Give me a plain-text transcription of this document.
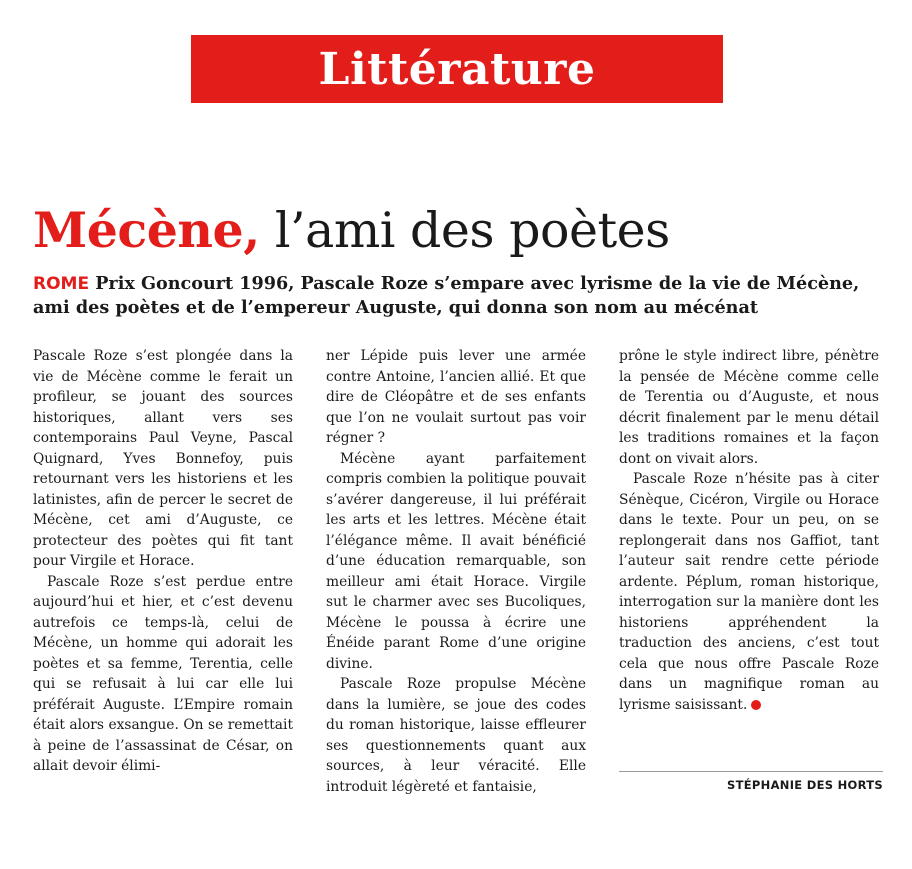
Littérature
Mécène, l’ami des poètes
ROME Prix Goncourt 1996, Pascale Roze s’empare avec lyrisme de la vie de Mécène, ami des poètes et de l’empereur Auguste, qui donna son nom au mécénat

Pascale Roze s’est plongée dans la vie de Mécène comme le ferait un profileur, se jouant des sources historiques, allant vers ses contemporains Paul Veyne, Pascal Quignard, Yves Bonnefoy, puis retournant vers les historiens et les latinistes, afin de percer le secret de Mécène, cet ami d’Auguste, ce protecteur des poètes qui fit tant pour Virgile et Horace.

Pascale Roze s’est perdue entre aujourd’hui et hier, et c’est devenu autrefois ce temps-là, celui de Mécène, un homme qui adorait les poètes et sa femme, Terentia, celle qui se refusait à lui car elle lui préférait Auguste. L’Empire romain était alors exsangue. On se remettait à peine de l’assassinat de César, on allait devoir élimi-

ner Lépide puis lever une armée contre Antoine, l’ancien allié. Et que dire de Cléopâtre et de ses enfants que l’on ne voulait surtout pas voir régner ?

Mécène ayant parfaitement compris combien la politique pouvait s’avérer dangereuse, il lui préférait les arts et les lettres. Mécène était l’élégance même. Il avait bénéficié d’une éducation remarquable, son meilleur ami était Horace. Virgile sut le charmer avec ses Bucoliques, Mécène le poussa à écrire une Énéide parant Rome d’une origine divine.

Pascale Roze propulse Mécène dans la lumière, se joue des codes du roman historique, laisse effleurer ses questionnements quant aux sources, à leur véracité. Elle introduit légèreté et fantaisie,

prône le style indirect libre, pénètre la pensée de Mécène comme celle de Terentia ou d’Auguste, et nous décrit finalement par le menu détail les traditions romaines et la façon dont on vivait alors.

Pascale Roze n’hésite pas à citer Sénèque, Cicéron, Virgile ou Horace dans le texte. Pour un peu, on se replongerait dans nos Gaffiot, tant l’auteur sait rendre cette période ardente. Péplum, roman historique, interrogation sur la manière dont les historiens appréhendent la traduction des anciens, c’est tout cela que nous offre Pascale Roze dans un magnifique roman au lyrisme saisissant.

STÉPHANIE DES HORTS
